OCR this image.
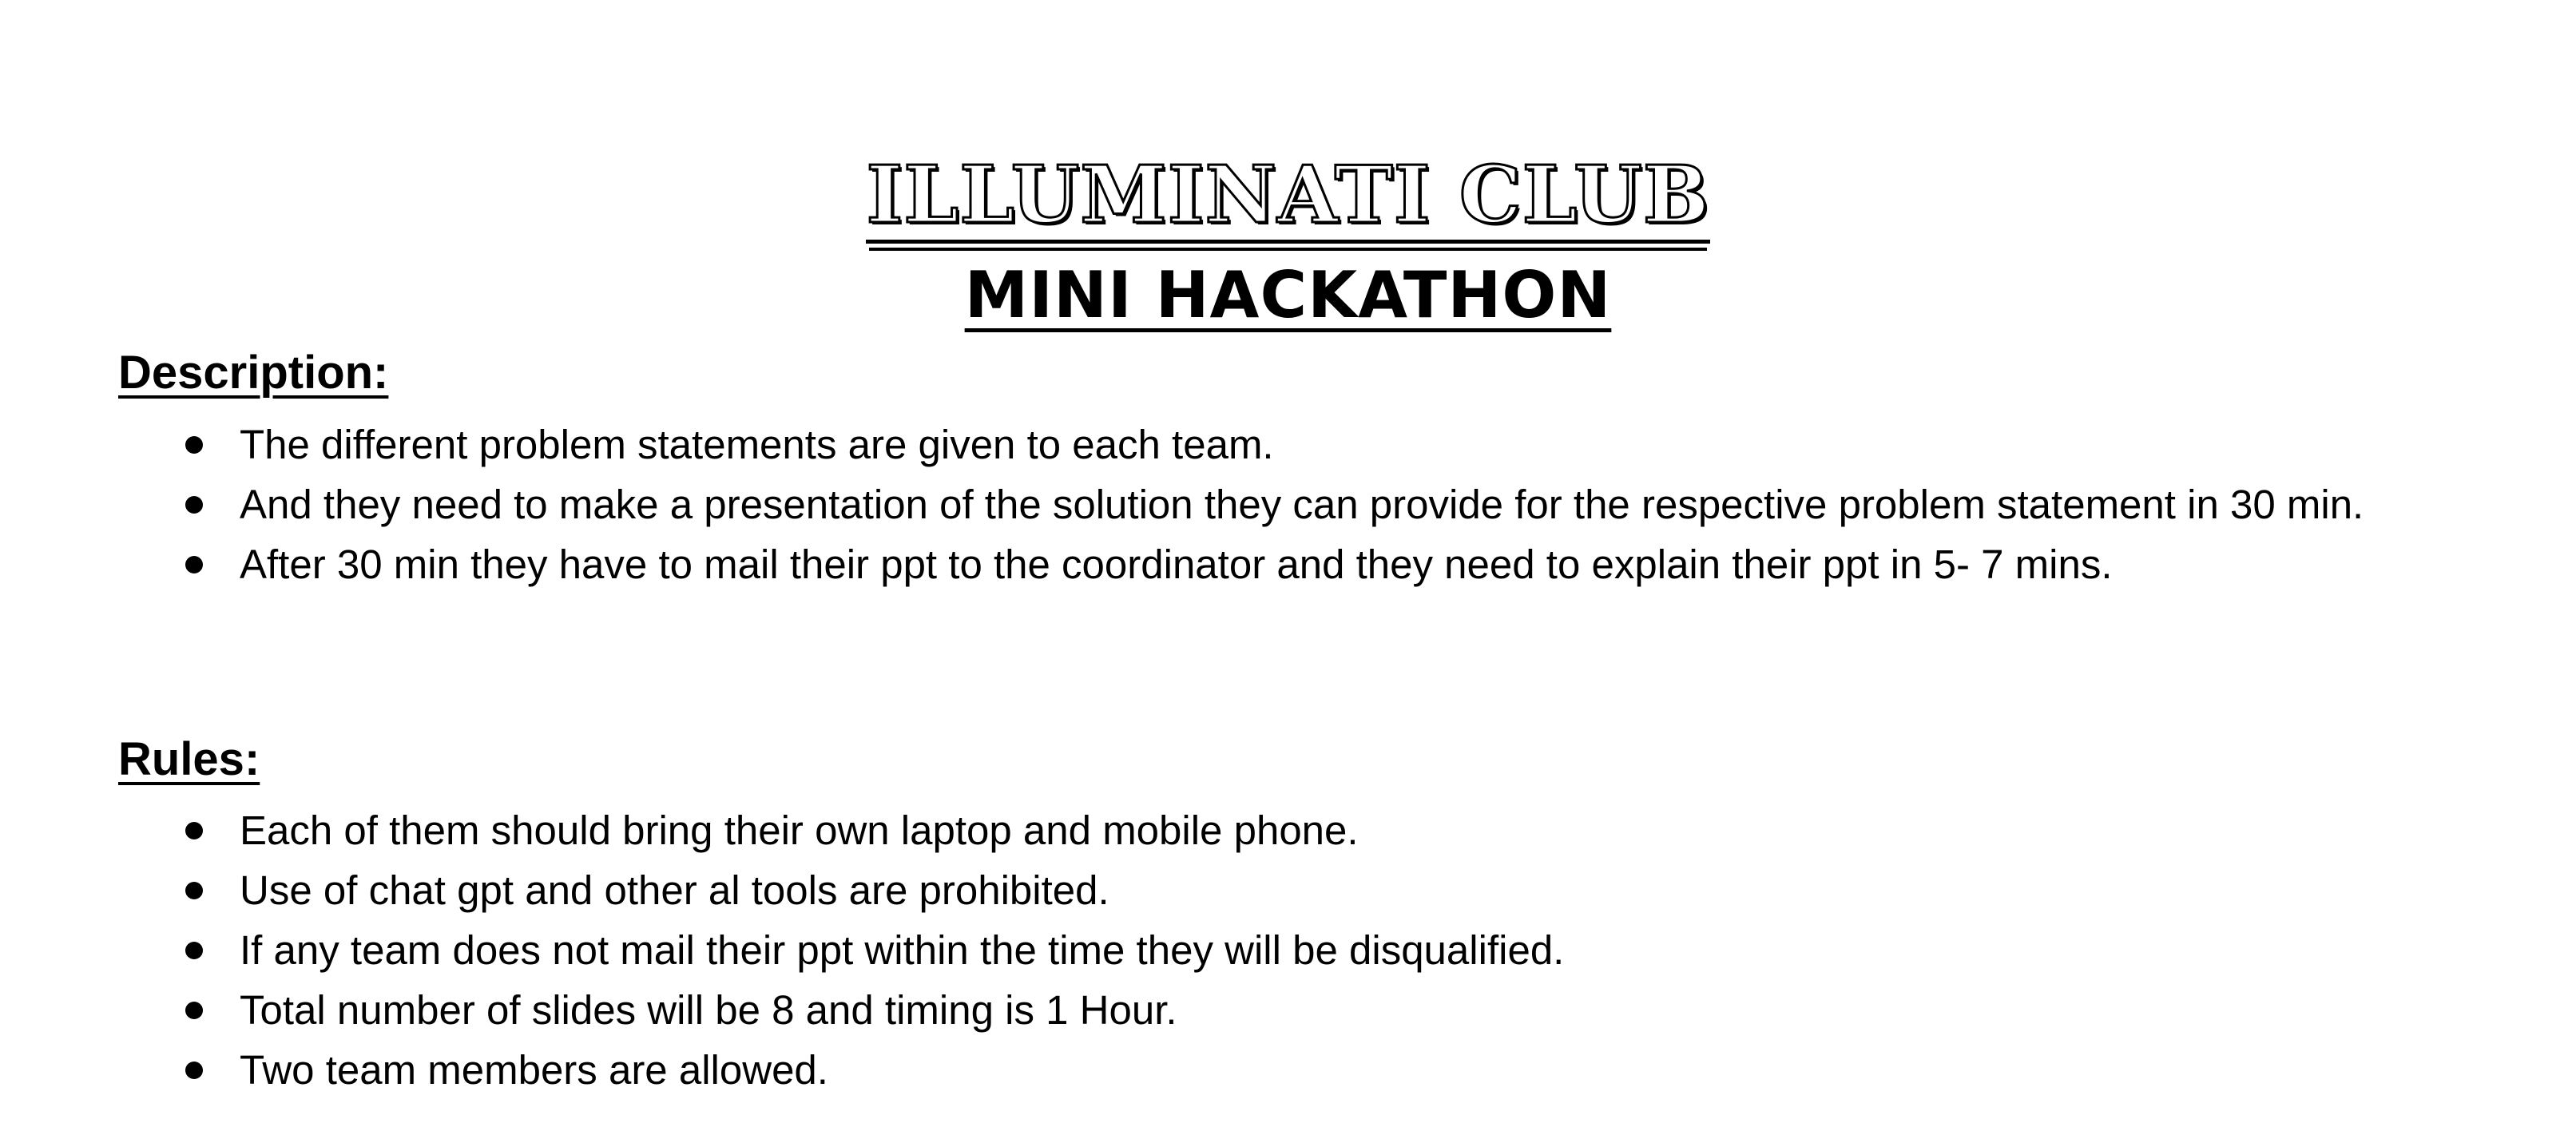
ILLUMINATI CLUB
MINI HACKATHON
Description:
The different problem statements are given to each team.
And they need to make a presentation of the solution they can provide for the respective problem statement in 30 min.
After 30 min they have to mail their ppt to the coordinator and they need to explain their ppt in 5- 7 mins.
Rules:
Each of them should bring their own laptop and mobile phone.
Use of chat gpt and other al tools are prohibited.
If any team does not mail their ppt within the time they will be disqualified.
Total number of slides will be 8 and timing is 1 Hour.
Two team members are allowed.
